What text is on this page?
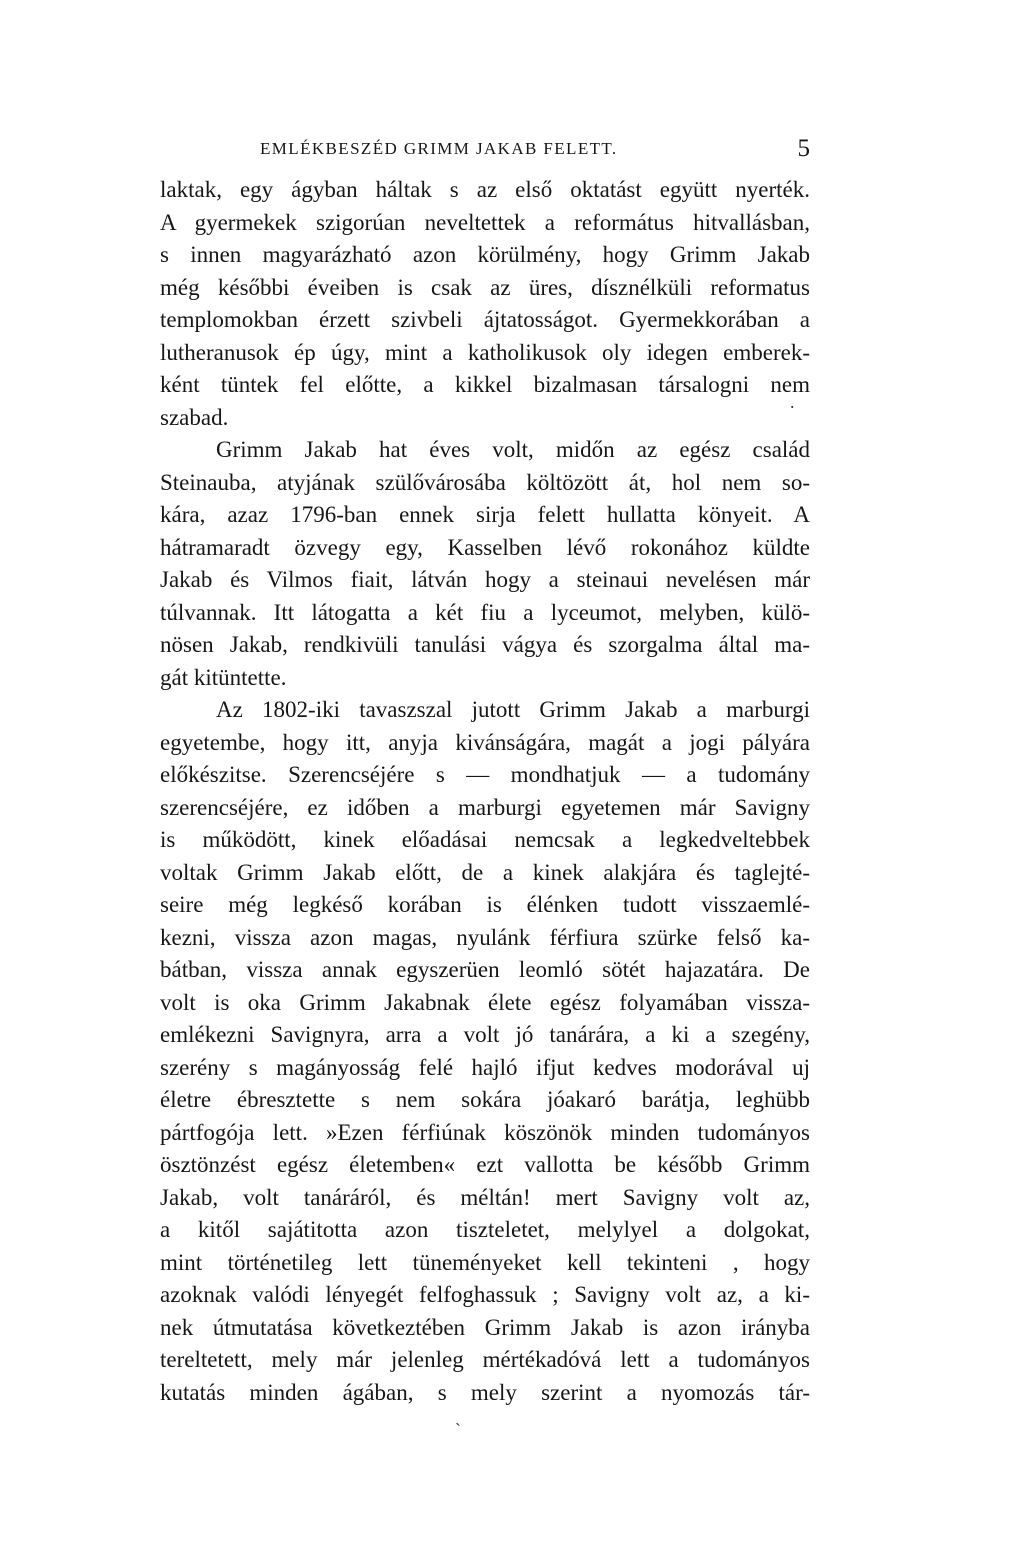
EMLÉKBESZÉD GRIMM JAKAB FELETT.	5
laktak, egy ágyban háltak s az első oktatást együtt nyerték.
A gyermekek szigorúan neveltettek a református hitvallásban,
s innen magyarázható azon körülmény, hogy Grimm Jakab
még későbbi éveiben is csak az üres, dísznélküli reformatus
templomokban érzett szivbeli ájtatosságot. Gyermekkorában a
lutheranusok ép úgy, mint a katholikusok oly idegen emberek-
ként tüntek fel előtte, a kikkel bizalmasan társalogni nem
szabad.
Grimm Jakab hat éves volt, midőn az egész család
Steinauba, atyjának szülővárosába költözött át, hol nem so-
kára, azaz 1796-ban ennek sirja felett hullatta könyeit. A
hátramaradt özvegy egy, Kasselben lévő rokonához küldte
Jakab és Vilmos fiait, látván hogy a steinaui nevelésen már
túlvannak. Itt látogatta a két fiu a lyceumot, melyben, külö-
nösen Jakab, rendkivüli tanulási vágya és szorgalma által ma-
gát kitüntette.
Az 1802-iki tavaszszal jutott Grimm Jakab a marburgi
egyetembe, hogy itt, anyja kivánságára, magát a jogi pályára
előkészitse. Szerencséjére s — mondhatjuk — a tudomány
szerencséjére, ez időben a marburgi egyetemen már Savigny
is működött, kinek előadásai nemcsak a legkedveltebbek
voltak Grimm Jakab előtt, de a kinek alakjára és taglejté-
seire még legkéső korában is élénken tudott visszaemlé-
kezni, vissza azon magas, nyulánk férfiura szürke felső ka-
bátban, vissza annak egyszerüen leomló sötét hajazatára. De
volt is oka Grimm Jakabnak élete egész folyamában vissza-
emlékezni Savignyra, arra a volt jó tanárára, a ki a szegény,
szerény s magányosság felé hajló ifjut kedves modorával uj
életre ébresztette s nem sokára jóakaró barátja, leghübb
pártfogója lett. »Ezen férfiúnak köszönök minden tudományos
ösztönzést egész életemben« ezt vallotta be később Grimm
Jakab, volt tanáráról, és méltán! mert Savigny volt az,
a kitől sajátitotta azon tiszteletet, melylyel a dolgokat,
mint történetileg lett tüneményeket kell tekinteni , hogy
azoknak valódi lényegét felfoghassuk ; Savigny volt az, a ki-
nek útmutatása következtében Grimm Jakab is azon irányba
tereltetett, mely már jelenleg mértékadóvá lett a tudományos
kutatás minden ágában, s mely szerint a nyomozás tár-
.
ˏ
